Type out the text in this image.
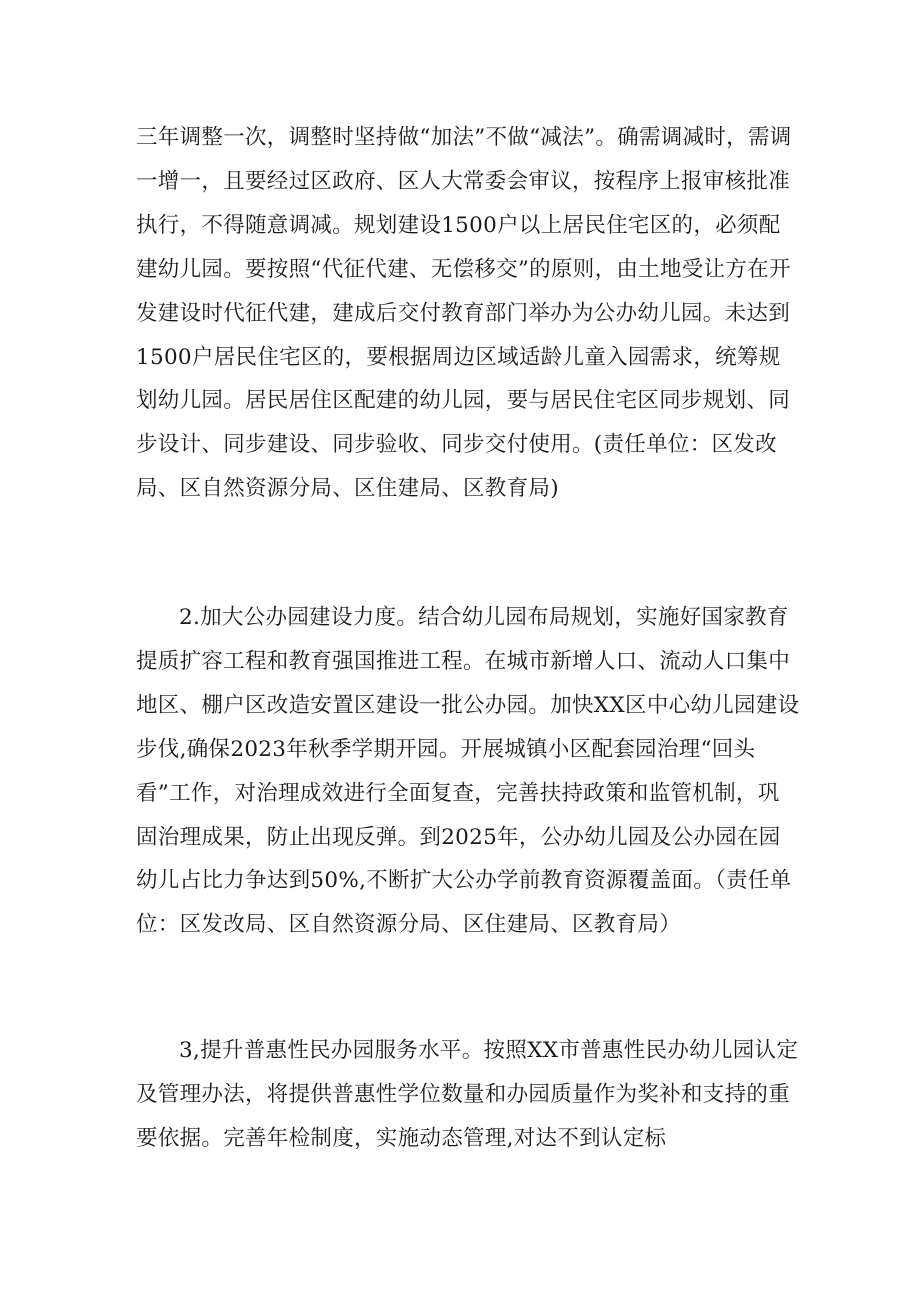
三年调整一次，调整时坚持做“加法”不做“减法”。确需调减时，需调一增一，且要经过区政府、区人大常委会审议，按程序上报审核批准执行，不得随意调减。规划建设1500户以上居民住宅区的，必须配建幼儿园。要按照“代征代建、无偿移交”的原则，由土地受让方在开发建设时代征代建，建成后交付教育部门举办为公办幼儿园。未达到1500户居民住宅区的，要根据周边区域适龄儿童入园需求，统筹规划幼儿园。居民居住区配建的幼儿园，要与居民住宅区同步规划、同步设计、同步建设、同步验收、同步交付使用。(责任单位：区发改局、区自然资源分局、区住建局、区教育局)

2.加大公办园建设力度。结合幼儿园布局规划，实施好国家教育提质扩容工程和教育强国推进工程。在城市新增人口、流动人口集中地区、棚户区改造安置区建设一批公办园。加快XX区中心幼儿园建设步伐,确保2023年秋季学期开园。开展城镇小区配套园治理“回头看”工作，对治理成效进行全面复查，完善扶持政策和监管机制，巩固治理成果，防止出现反弹。到2025年，公办幼儿园及公办园在园幼儿占比力争达到50%,不断扩大公办学前教育资源覆盖面。（责任单位：区发改局、区自然资源分局、区住建局、区教育局）

3,提升普惠性民办园服务水平。按照XX市普惠性民办幼儿园认定及管理办法，将提供普惠性学位数量和办园质量作为奖补和支持的重要依据。完善年检制度，实施动态管理,对达不到认定标
